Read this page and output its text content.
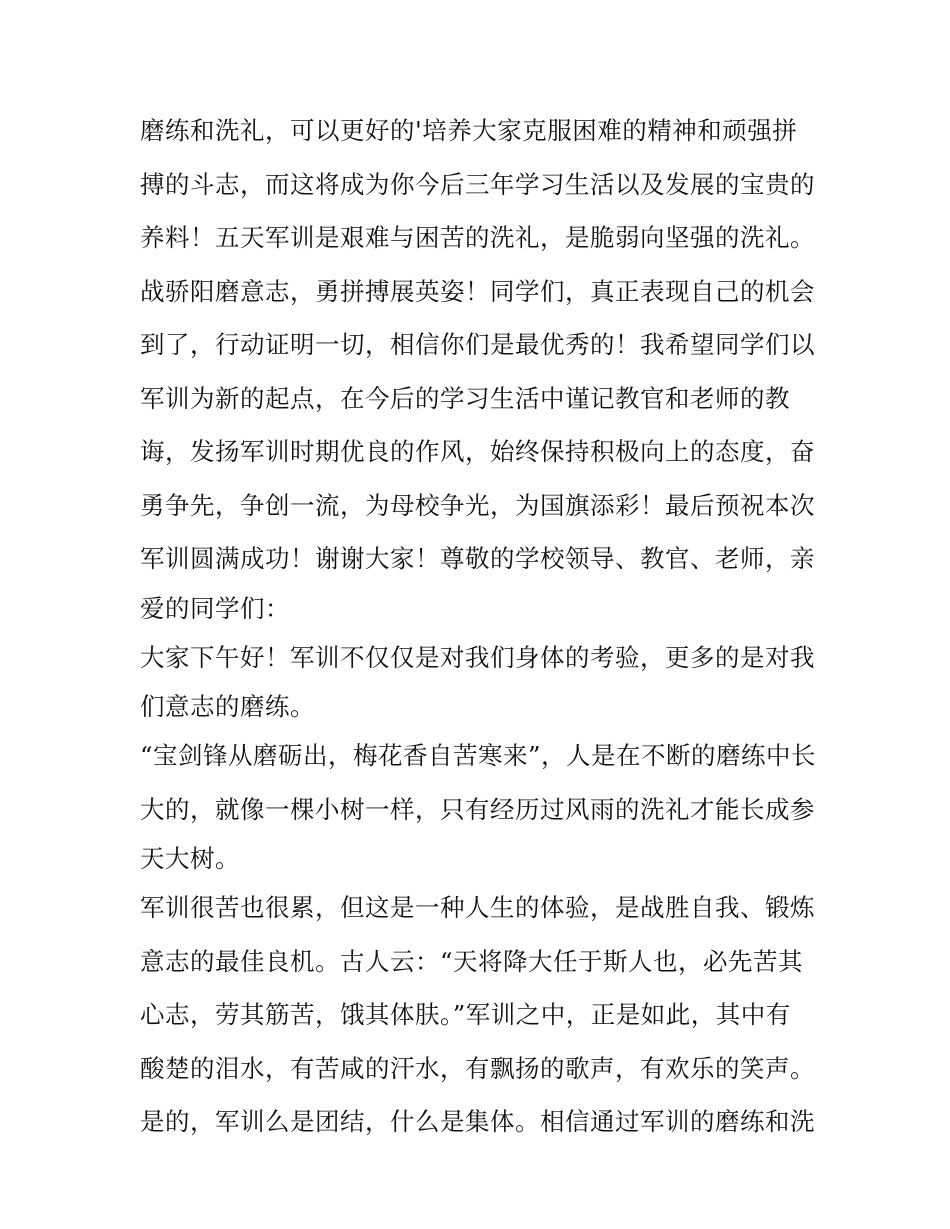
磨练和洗礼，可以更好的'培养大家克服困难的精神和顽强拼
搏的斗志，而这将成为你今后三年学习生活以及发展的宝贵的
养料！五天军训是艰难与困苦的洗礼，是脆弱向坚强的洗礼。
战骄阳磨意志，勇拼搏展英姿！同学们，真正表现自己的机会
到了，行动证明一切，相信你们是最优秀的！我希望同学们以
军训为新的起点，在今后的学习生活中谨记教官和老师的教
诲，发扬军训时期优良的作风，始终保持积极向上的态度，奋
勇争先，争创一流，为母校争光，为国旗添彩！最后预祝本次
军训圆满成功！谢谢大家！尊敬的学校领导、教官、老师，亲
爱的同学们：
大家下午好！军训不仅仅是对我们身体的考验，更多的是对我
们意志的磨练。
“宝剑锋从磨砺出，梅花香自苦寒来”，人是在不断的磨练中长
大的，就像一棵小树一样，只有经历过风雨的洗礼才能长成参
天大树。
军训很苦也很累，但这是一种人生的体验，是战胜自我、锻炼
意志的最佳良机。古人云：“天将降大任于斯人也，必先苦其
心志，劳其筋苦，饿其体肤。”军训之中，正是如此，其中有
酸楚的泪水，有苦咸的汗水，有飘扬的歌声，有欢乐的笑声。
是的，军训么是团结，什么是集体。相信通过军训的磨练和洗
